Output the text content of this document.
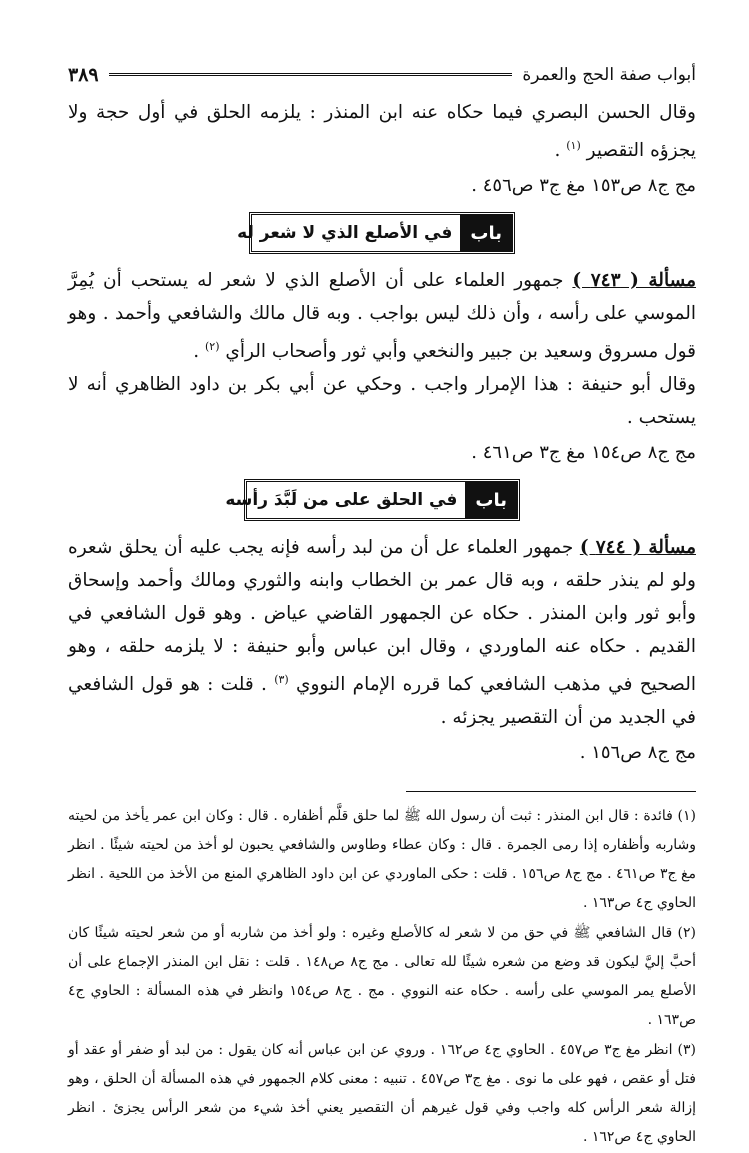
أبواب صفة الحج والعمرة
٣٨٩

وقال الحسن البصري فيما حكاه عنه ابن المنذر : يلزمه الحلق في أول حجة ولا يجزؤه التقصير $^{(١)}$ .

مج ج٨ ص١٥٣ مغ ج٣ ص٤٥٦ .
باب
في الأصلع الذي لا شعر له

مسألة ( ٧٤٣ ) جمهور العلماء على أن الأصلع الذي لا شعر له يستحب أن يُمِرَّ الموسي على رأسه ، وأن ذلك ليس بواجب . وبه قال مالك والشافعي وأحمد . وهو قول مسروق وسعيد بن جبير والنخعي وأبي ثور وأصحاب الرأي $^{(٢)}$ .

وقال أبو حنيفة : هذا الإمرار واجب . وحكي عن أبي بكر بن داود الظاهري أنه لا يستحب .

مج ج٨ ص١٥٤ مغ ج٣ ص٤٦١ .
باب
في الحلق على من لَبَّدَ رأسه

مسألة ( ٧٤٤ ) جمهور العلماء عل أن من لبد رأسه فإنه يجب عليه أن يحلق شعره ولو لم ينذر حلقه ، وبه قال عمر بن الخطاب وابنه والثوري ومالك وأحمد وإسحاق وأبو ثور وابن المنذر . حكاه عن الجمهور القاضي عياض . وهو قول الشافعي في القديم . حكاه عنه الماوردي ، وقال ابن عباس وأبو حنيفة : لا يلزمه حلقه ، وهو الصحيح في مذهب الشافعي كما قرره الإمام النووي $^{(٣)}$ . قلت : هو قول الشافعي في الجديد من أن التقصير يجزئه .

مج ج٨ ص١٥٦ .

(١) فائدة : قال ابن المنذر : ثبت أن رسول الله ﷺ لما حلق قلَّم أظفاره . قال : وكان ابن عمر يأخذ من لحيته وشاربه وأظفاره إذا رمى الجمرة . قال : وكان عطاء وطاوس والشافعي يحبون لو أخذ من لحيته شيئًا . انظر مغ ج٣ ص٤٦١ . مج ج٨ ص١٥٦ . قلت : حكى الماوردي عن ابن داود الظاهري المنع من الأخذ من اللحية . انظر الحاوي ج٤ ص١٦٣ .

(٢) قال الشافعي ﷺ في حق من لا شعر له كالأصلع وغيره : ولو أخذ من شاربه أو من شعر لحيته شيئًا كان أحبَّ إليَّ ليكون قد وضع من شعره شيئًا لله تعالى . مج ج٨ ص١٤٨ . قلت : نقل ابن المنذر الإجماع على أن الأصلع يمر الموسي على رأسه . حكاه عنه النووي . مج . ج٨ ص١٥٤ وانظر في هذه المسألة : الحاوي ج٤ ص١٦٣ .

(٣) انظر مغ ج٣ ص٤٥٧ . الحاوي ج٤ ص١٦٢ . وروي عن ابن عباس أنه كان يقول : من لبد أو ضفر أو عقد أو فتل أو عقص ، فهو على ما نوى . مغ ج٣ ص٤٥٧ . تنبيه : معنى كلام الجمهور في هذه المسألة أن الحلق ، وهو إزالة شعر الرأس كله واجب وفي قول غيرهم أن التقصير يعني أخذ شيء من شعر الرأس يجزئ . انظر الحاوي ج٤ ص١٦٢ .
